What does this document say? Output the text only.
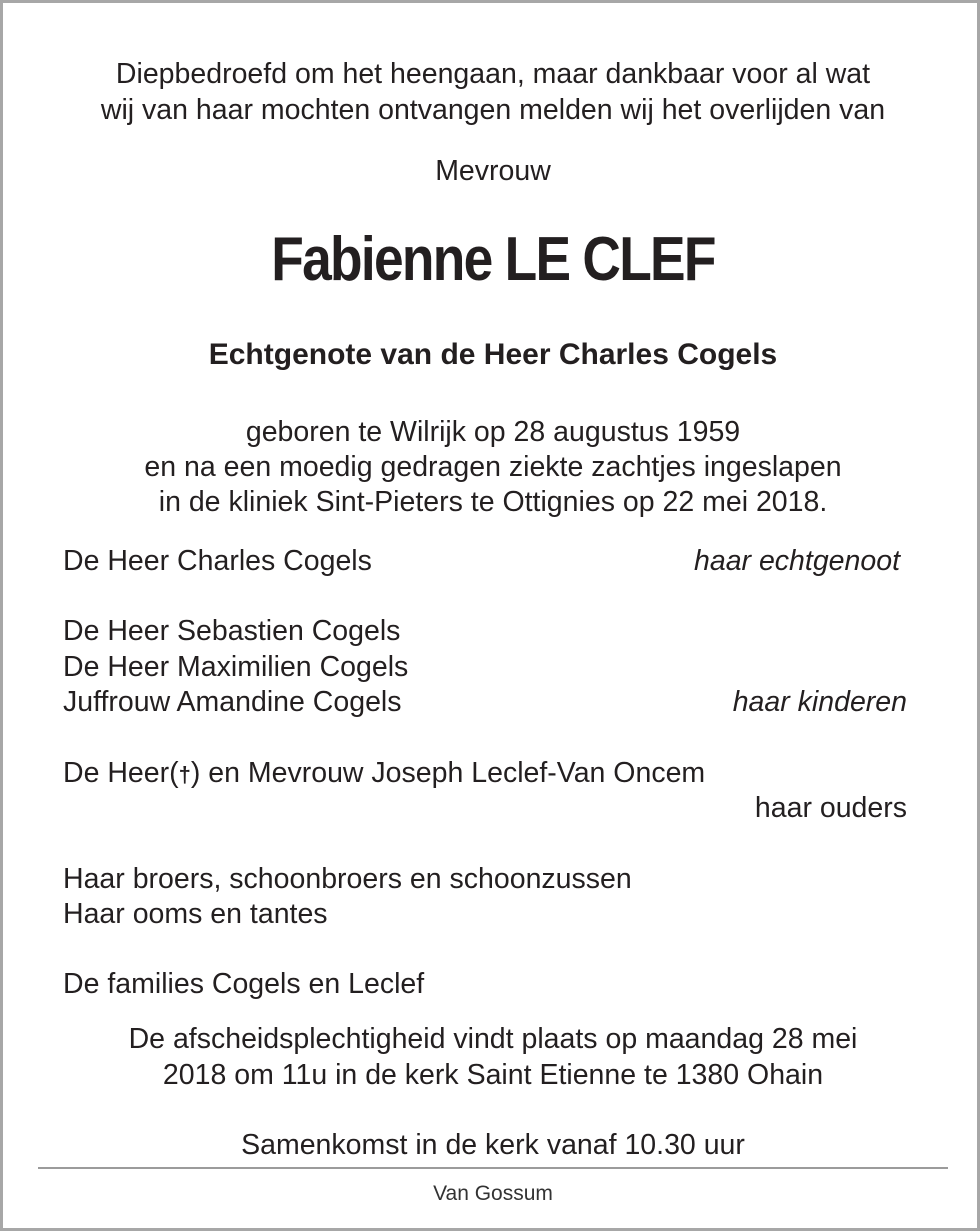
Diepbedroefd om het heengaan, maar dankbaar voor al wat
wij van haar mochten ontvangen melden wij het overlijden van
Mevrouw
Fabienne LE CLEF
Echtgenote van de Heer Charles Cogels
geboren te Wilrijk op 28 augustus 1959
en na een moedig gedragen ziekte zachtjes ingeslapen
in de kliniek Sint-Pieters te Ottignies op 22 mei 2018.
De Heer Charles Cogels	haar echtgenoot
De Heer Sebastien Cogels
De Heer Maximilien Cogels
Juffrouw Amandine Cogels	haar kinderen
De Heer(†) en Mevrouw Joseph Leclef-Van Oncem
haar ouders
Haar broers, schoonbroers en schoonzussen
Haar ooms en tantes
De families Cogels en Leclef
De afscheidsplechtigheid vindt plaats op maandag 28 mei
2018 om 11u in de kerk Saint Etienne te 1380 Ohain
Samenkomst in de kerk vanaf 10.30 uur
Van Gossum
